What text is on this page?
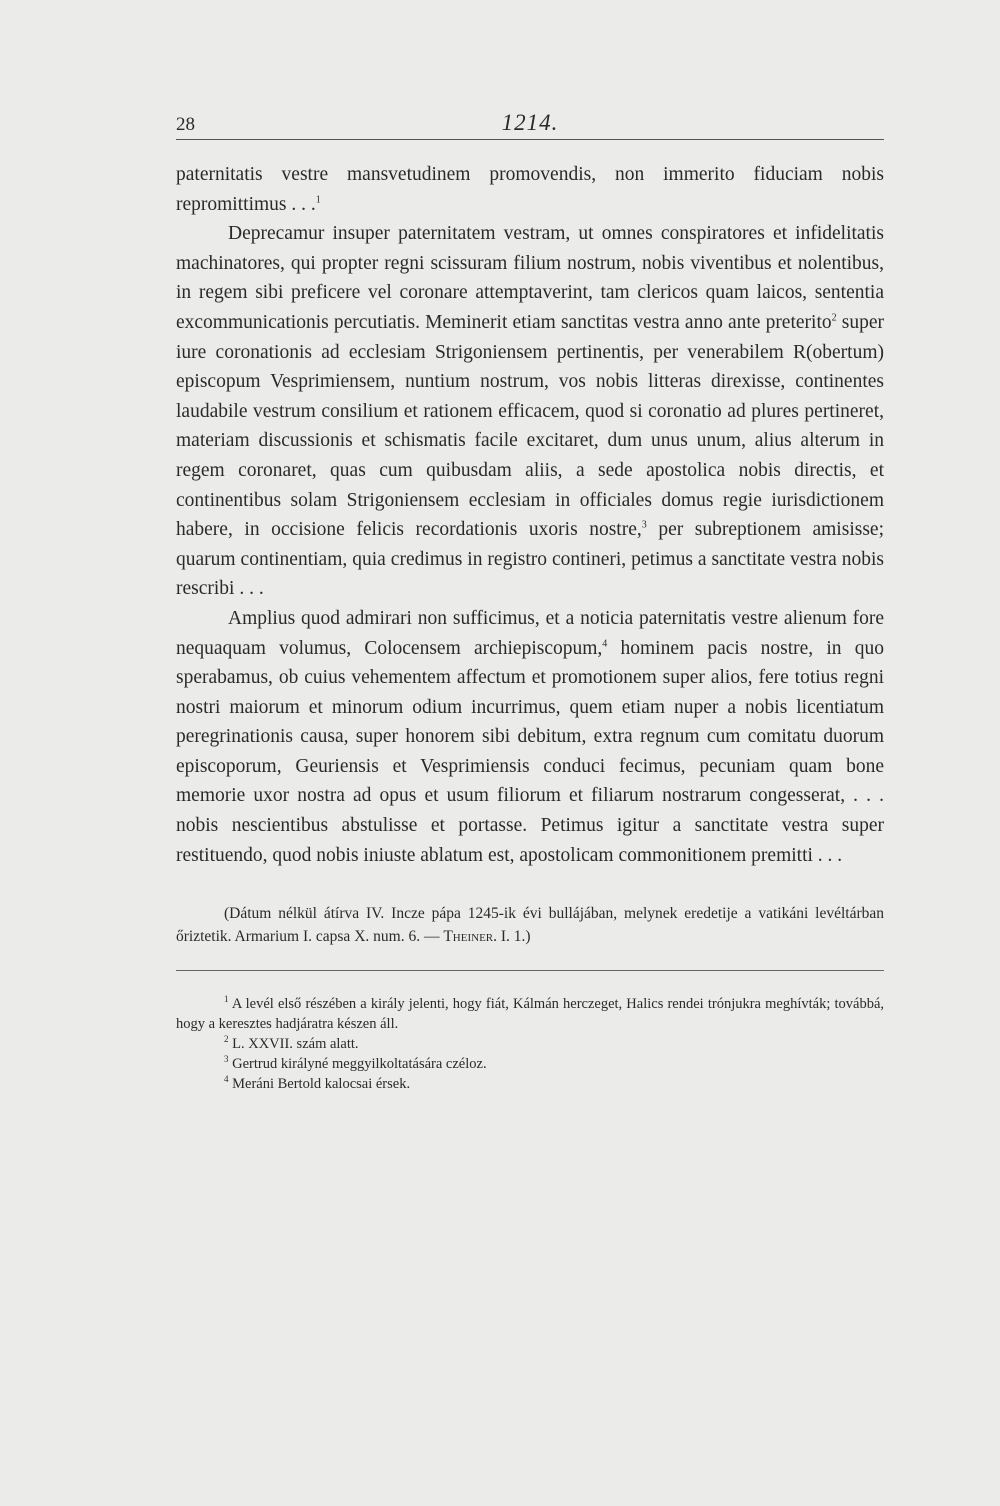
28	1214.

paternitatis vestre mansvetudinem promovendis, non immerito fiduciam nobis repromittimus . . .$^1$

Deprecamur insuper paternitatem vestram, ut omnes conspiratores et infidelitatis machinatores, qui propter regni scissuram filium nostrum, nobis viventibus et nolentibus, in regem sibi preficere vel coronare attemptaverint, tam clericos quam laicos, sententia excommunicationis percutiatis. Meminerit etiam sanctitas vestra anno ante preterito$^2$ super iure coronationis ad ecclesiam Strigoniensem pertinentis, per venerabilem R(obertum) episcopum Vesprimiensem, nuntium nostrum, vos nobis litteras direxisse, continentes laudabile vestrum consilium et rationem efficacem, quod si coronatio ad plures pertineret, materiam discussionis et schismatis facile excitaret, dum unus unum, alius alterum in regem coronaret, quas cum quibusdam aliis, a sede apostolica nobis directis, et continentibus solam Strigoniensem ecclesiam in officiales domus regie iurisdictionem habere, in occisione felicis recordationis uxoris nostre,$^3$ per subreptionem amisisse; quarum continentiam, quia credimus in registro contineri, petimus a sanctitate vestra nobis rescribi . . .

Amplius quod admirari non sufficimus, et a noticia paternitatis vestre alienum fore nequaquam volumus, Colocensem archiepiscopum,$^4$ hominem pacis nostre, in quo sperabamus, ob cuius vehementem affectum et promotionem super alios, fere totius regni nostri maiorum et minorum odium incurrimus, quem etiam nuper a nobis licentiatum peregrinationis causa, super honorem sibi debitum, extra regnum cum comitatu duorum episcoporum, Geuriensis et Vesprimiensis conduci fecimus, pecuniam quam bone memorie uxor nostra ad opus et usum filiorum et filiarum nostrarum congesserat, . . . nobis nescientibus abstulisse et portasse. Petimus igitur a sanctitate vestra super restituendo, quod nobis iniuste ablatum est, apostolicam commonitionem premitti . . .

(Dátum nélkül átírva IV. Incze pápa 1245-ik évi bullájában, melynek eredetije a vatikáni levéltárban őriztetik. Armarium I. capsa X. num. 6. — Theiner. I. 1.)

$^1$ A levél első részében a király jelenti, hogy fiát, Kálmán herczeget, Halics rendei trónjukra meghívták; továbbá, hogy a keresztes hadjáratra készen áll.

$^2$ L. XXVII. szám alatt.

$^3$ Gertrud királyné meggyilkoltatására czéloz.

$^4$ Meráni Bertold kalocsai érsek.
